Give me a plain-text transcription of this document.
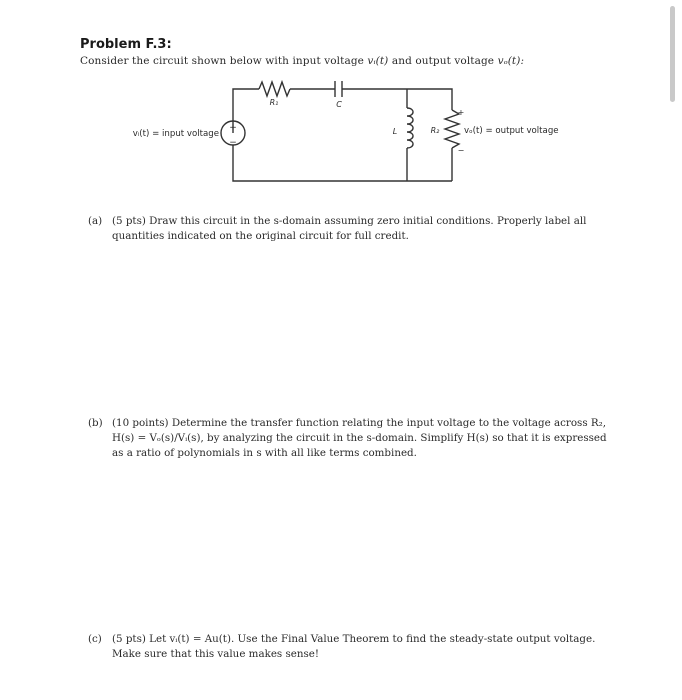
Problem F.3:
Consider the circuit shown below with input voltage vᵢ(t) and output voltage vₒ(t):
+
−
vᵢ(t) = input voltage
R₁	C
L	R₂
+
−
vₒ(t) = output voltage
(a) (5 pts) Draw this circuit in the s-domain assuming zero initial conditions. Properly label all quantities indicated on the original circuit for full credit.
(b) (10 points) Determine the transfer function relating the input voltage to the voltage across R₂, H(s) = Vₒ(s)/Vᵢ(s), by analyzing the circuit in the s-domain. Simplify H(s) so that it is expressed as a ratio of polynomials in s with all like terms combined.
(c) (5 pts) Let vᵢ(t) = Au(t). Use the Final Value Theorem to find the steady-state output voltage. Make sure that this value makes sense!
